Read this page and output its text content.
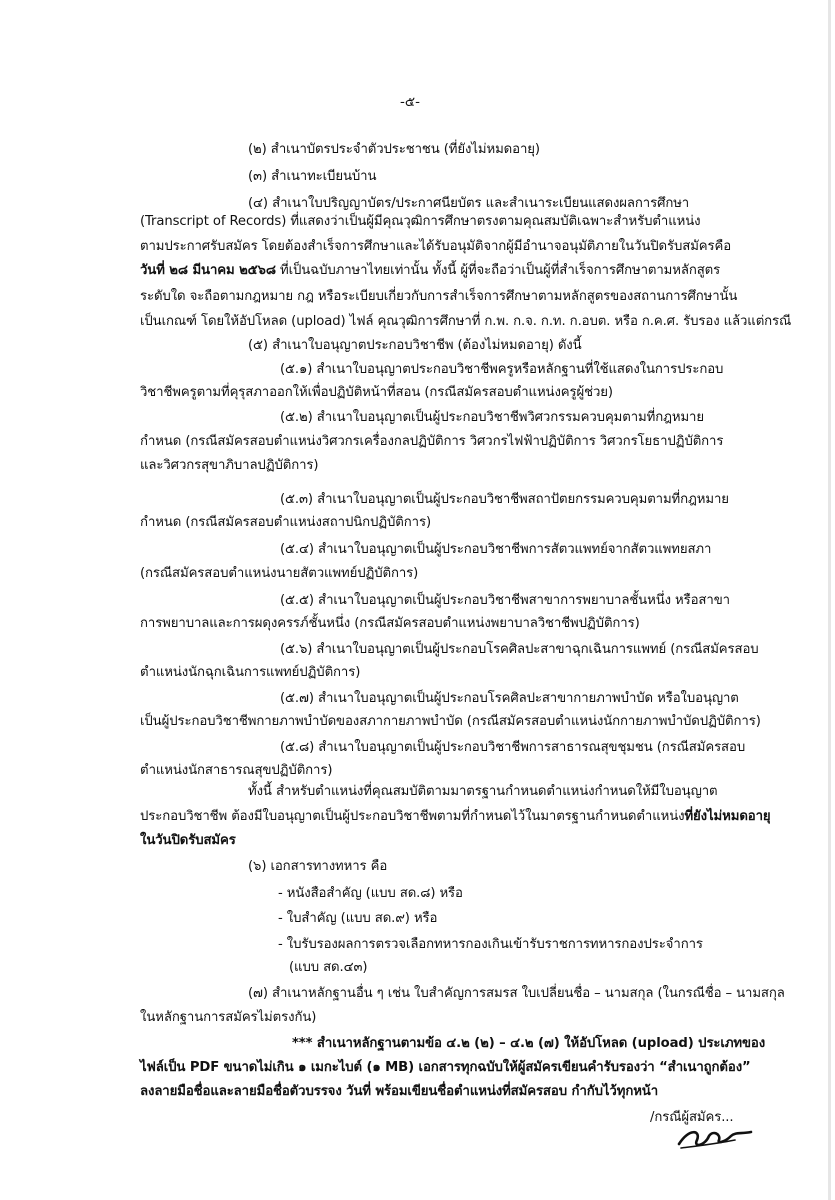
-๕-
(๒) สำเนาบัตรประจำตัวประชาชน (ที่ยังไม่หมดอายุ)
(๓) สำเนาทะเบียนบ้าน
(๔) สำเนาใบปริญญาบัตร/ประกาศนียบัตร และสำเนาระเบียนแสดงผลการศึกษา
(Transcript of Records) ที่แสดงว่าเป็นผู้มีคุณวุฒิการศึกษาตรงตามคุณสมบัติเฉพาะสำหรับตำแหน่ง
ตามประกาศรับสมัคร โดยต้องสำเร็จการศึกษาและได้รับอนุมัติจากผู้มีอำนาจอนุมัติภายในวันปิดรับสมัครคือ
วันที่ ๒๘ มีนาคม ๒๕๖๘ ที่เป็นฉบับภาษาไทยเท่านั้น ทั้งนี้ ผู้ที่จะถือว่าเป็นผู้ที่สำเร็จการศึกษาตามหลักสูตร
ระดับใด จะถือตามกฎหมาย กฎ หรือระเบียบเกี่ยวกับการสำเร็จการศึกษาตามหลักสูตรของสถานการศึกษานั้น
เป็นเกณฑ์ โดยให้อัปโหลด (upload) ไฟล์ คุณวุฒิการศึกษาที่ ก.พ. ก.จ. ก.ท. ก.อบต. หรือ ก.ค.ศ. รับรอง แล้วแต่กรณี
(๕) สำเนาใบอนุญาตประกอบวิชาชีพ (ต้องไม่หมดอายุ) ดังนี้
(๕.๑) สำเนาใบอนุญาตประกอบวิชาชีพครูหรือหลักฐานที่ใช้แสดงในการประกอบ
วิชาชีพครูตามที่คุรุสภาออกให้เพื่อปฏิบัติหน้าที่สอน (กรณีสมัครสอบตำแหน่งครูผู้ช่วย)
(๕.๒) สำเนาใบอนุญาตเป็นผู้ประกอบวิชาชีพวิศวกรรมควบคุมตามที่กฎหมาย
กำหนด (กรณีสมัครสอบตำแหน่งวิศวกรเครื่องกลปฏิบัติการ วิศวกรไฟฟ้าปฏิบัติการ วิศวกรโยธาปฏิบัติการ
และวิศวกรสุขาภิบาลปฏิบัติการ)
(๕.๓) สำเนาใบอนุญาตเป็นผู้ประกอบวิชาชีพสถาปัตยกรรมควบคุมตามที่กฎหมาย
กำหนด (กรณีสมัครสอบตำแหน่งสถาปนิกปฏิบัติการ)
(๕.๔) สำเนาใบอนุญาตเป็นผู้ประกอบวิชาชีพการสัตวแพทย์จากสัตวแพทยสภา
(กรณีสมัครสอบตำแหน่งนายสัตวแพทย์ปฏิบัติการ)
(๕.๕) สำเนาใบอนุญาตเป็นผู้ประกอบวิชาชีพสาขาการพยาบาลชั้นหนึ่ง หรือสาขา
การพยาบาลและการผดุงครรภ์ชั้นหนึ่ง (กรณีสมัครสอบตำแหน่งพยาบาลวิชาชีพปฏิบัติการ)
(๕.๖) สำเนาใบอนุญาตเป็นผู้ประกอบโรคศิลปะสาขาฉุกเฉินการแพทย์ (กรณีสมัครสอบ
ตำแหน่งนักฉุกเฉินการแพทย์ปฏิบัติการ)
(๕.๗) สำเนาใบอนุญาตเป็นผู้ประกอบโรคศิลปะสาขากายภาพบำบัด หรือใบอนุญาต
เป็นผู้ประกอบวิชาชีพกายภาพบำบัดของสภากายภาพบำบัด (กรณีสมัครสอบตำแหน่งนักกายภาพบำบัดปฏิบัติการ)
(๕.๘) สำเนาใบอนุญาตเป็นผู้ประกอบวิชาชีพการสาธารณสุขชุมชน (กรณีสมัครสอบ
ตำแหน่งนักสาธารณสุขปฏิบัติการ)
ทั้งนี้ สำหรับตำแหน่งที่คุณสมบัติตามมาตรฐานกำหนดตำแหน่งกำหนดให้มีใบอนุญาต
ประกอบวิชาชีพ ต้องมีใบอนุญาตเป็นผู้ประกอบวิชาชีพตามที่กำหนดไว้ในมาตรฐานกำหนดตำแหน่งที่ยังไม่หมดอายุ
ในวันปิดรับสมัคร
(๖) เอกสารทางทหาร คือ
- หนังสือสำคัญ (แบบ สด.๘) หรือ
- ใบสำคัญ (แบบ สด.๙) หรือ
- ใบรับรองผลการตรวจเลือกทหารกองเกินเข้ารับราชการทหารกองประจำการ
(แบบ สด.๔๓)
(๗) สำเนาหลักฐานอื่น ๆ เช่น ใบสำคัญการสมรส ใบเปลี่ยนชื่อ – นามสกุล (ในกรณีชื่อ – นามสกุล
ในหลักฐานการสมัครไม่ตรงกัน)
*** สำเนาหลักฐานตามข้อ ๔.๒ (๒) – ๔.๒ (๗) ให้อัปโหลด (upload) ประเภทของ
ไฟล์เป็น PDF ขนาดไม่เกิน ๑ เมกะไบต์ (๑ MB) เอกสารทุกฉบับให้ผู้สมัครเขียนคำรับรองว่า “สำเนาถูกต้อง”
ลงลายมือชื่อและลายมือชื่อตัวบรรจง วันที่ พร้อมเขียนชื่อตำแหน่งที่สมัครสอบ กำกับไว้ทุกหน้า
/กรณีผู้สมัคร...
